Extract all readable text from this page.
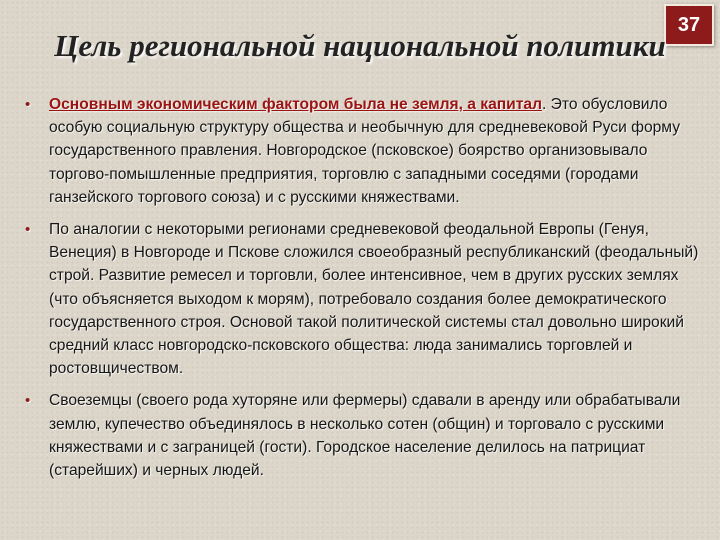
37
Цель региональной национальной политики
• Основным экономическим фактором была не земля, а капитал. Это обусловило особую социальную структуру общества и необычную для средневековой Руси форму государственного правления. Новгородское (псковское) боярство организовывало торгово-помышленные предприятия, торговлю с западными соседями (городами ганзейского торгового союза) и с русскими княжествами.
• По аналогии с некоторыми регионами средневековой феодальной Европы (Генуя, Венеция) в Новгороде и Пскове сложился своеобразный республиканский (феодальный) строй. Развитие ремесел и торговли, более интенсивное, чем в других русских землях (что объясняется выходом к морям), потребовало создания более демократического государственного строя. Основой такой политической системы стал довольно широкий средний класс новгородско-псковского общества: люда занимались торговлей и ростовщичеством.
• Своеземцы (своего рода хуторяне или фермеры) сдавали в аренду или обрабатывали землю, купечество объединялось в несколько сотен (общин) и торговало с русскими княжествами и с заграницей (гости). Городское население делилось на патрициат (старейших) и черных людей.
